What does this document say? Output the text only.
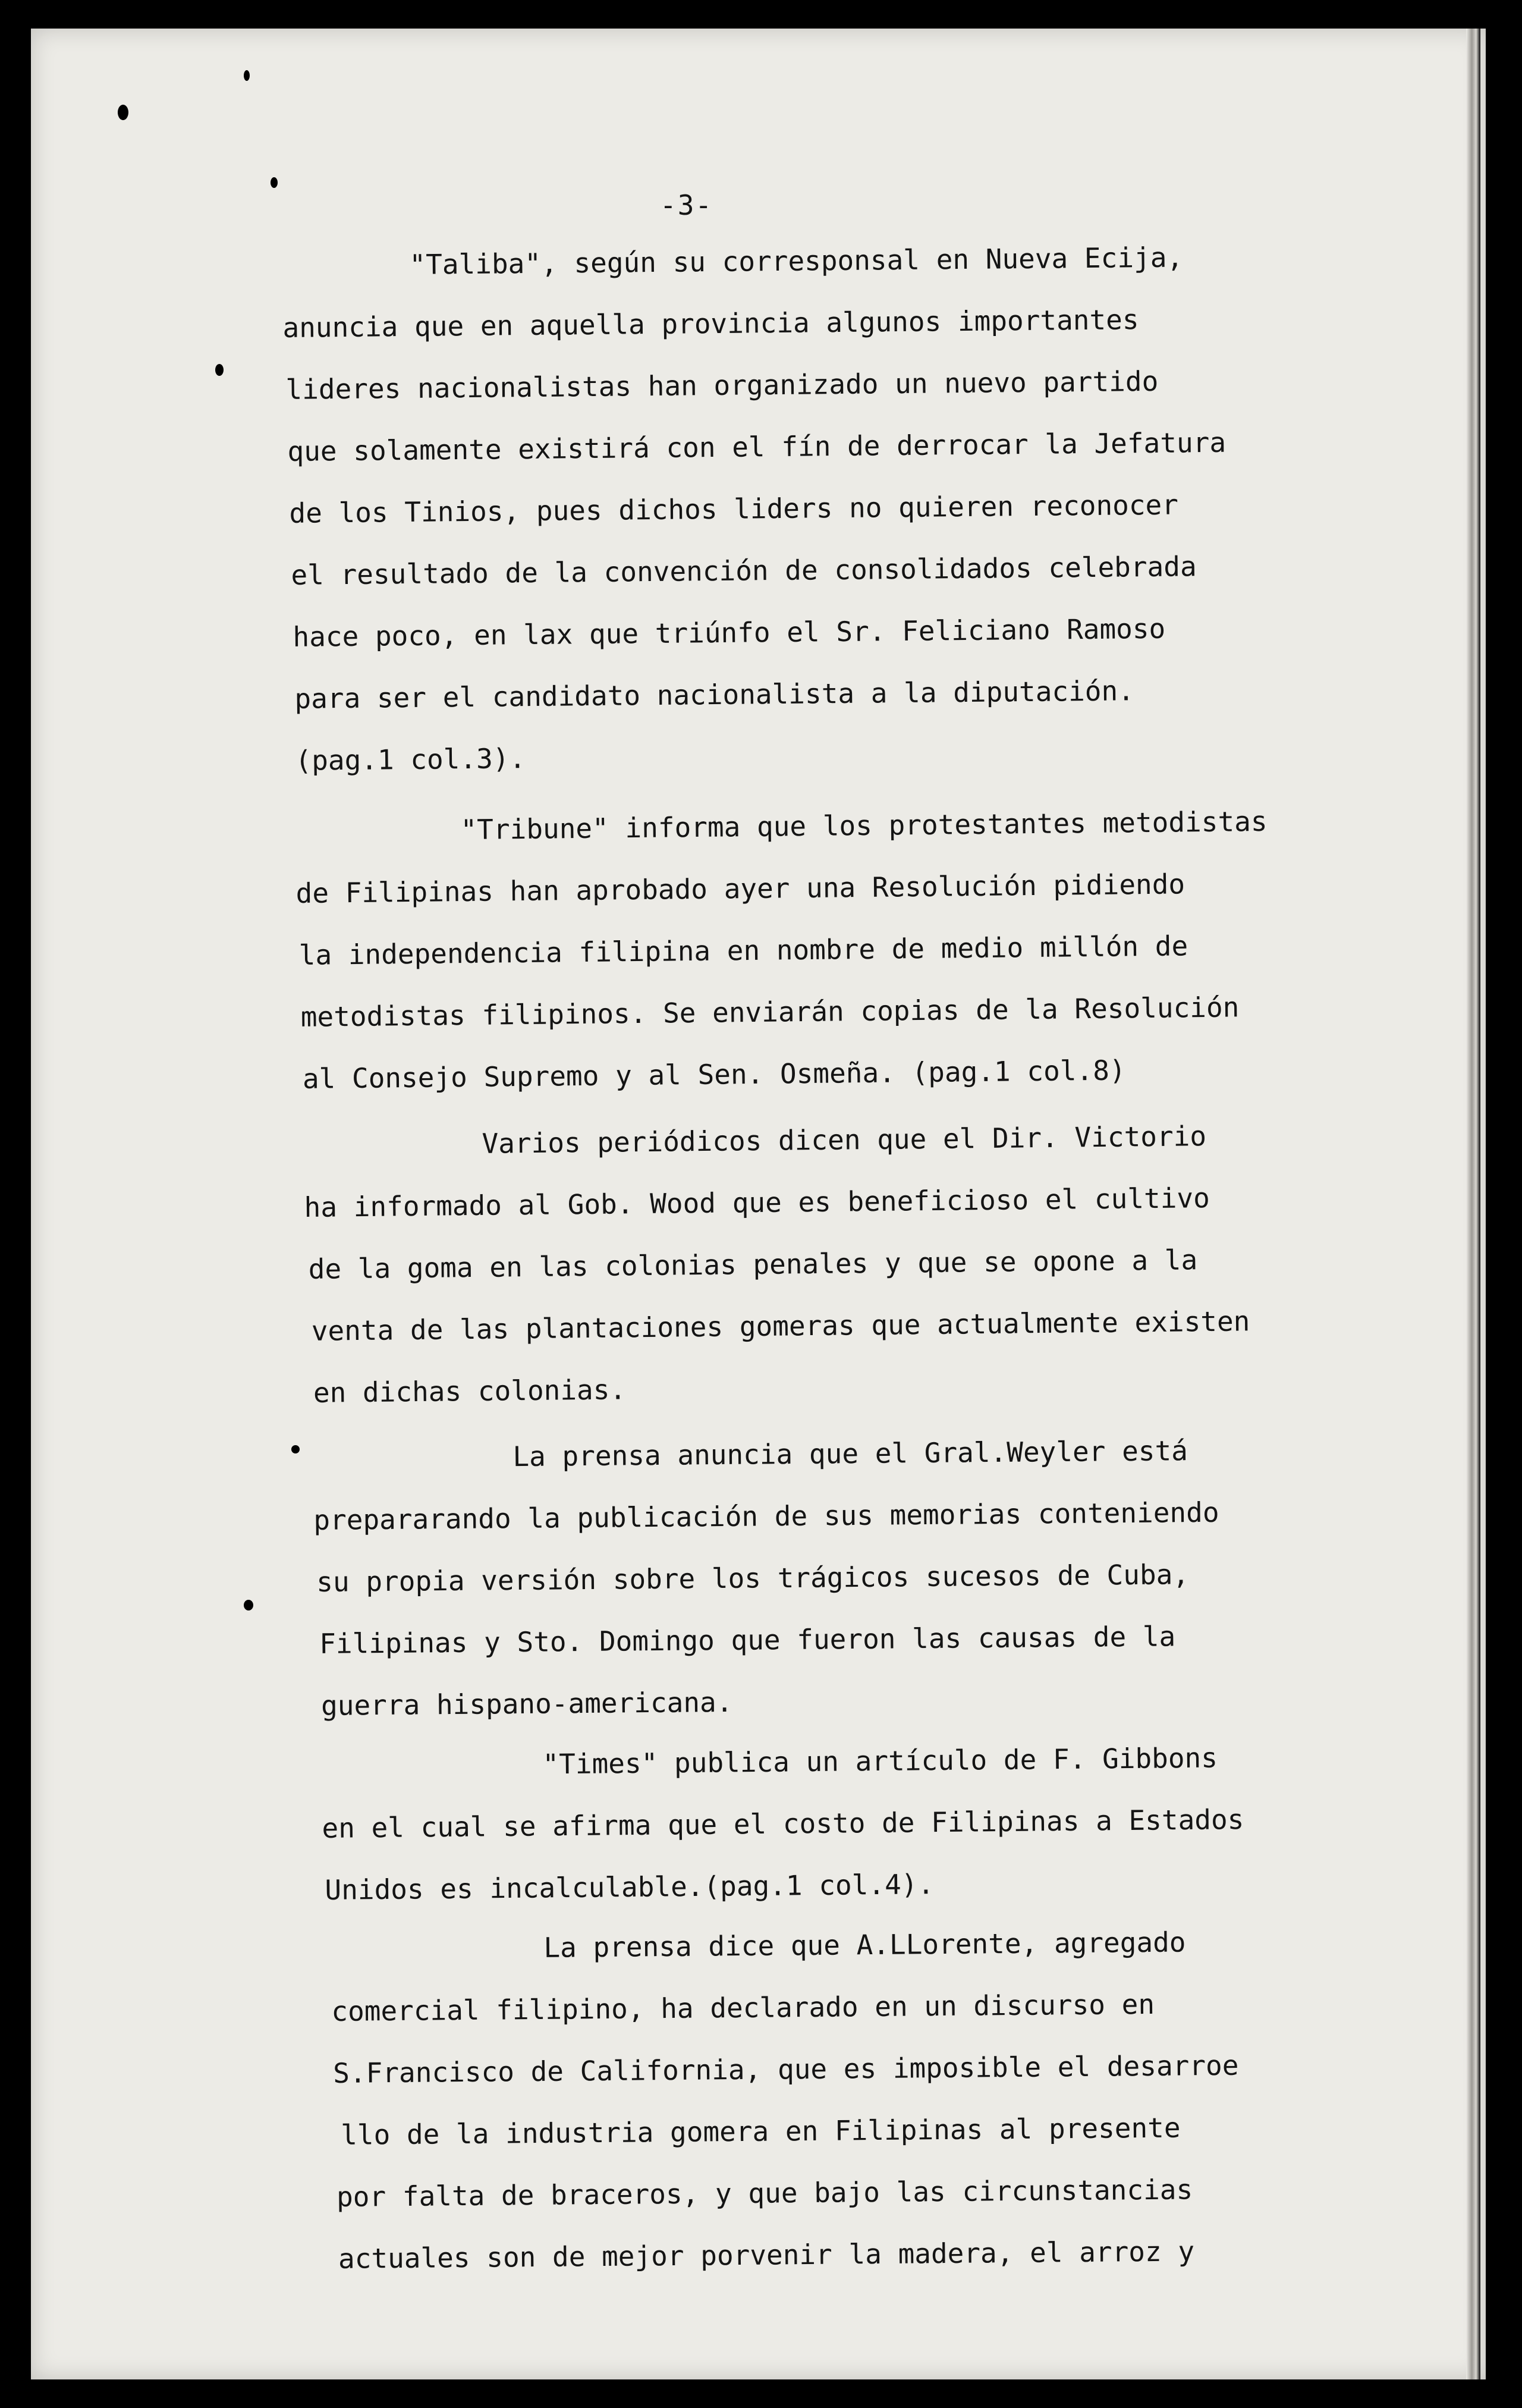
-3-

"Taliba", según su corresponsal en Nueva Ecija,
anuncia que en aquella provincia algunos importantes
lideres nacionalistas han organizado un nuevo partido
que solamente existirá con el fín de derrocar la Jefatura
de los Tinios, pues dichos liders no quieren reconocer
el resultado de la convención de consolidados celebrada
hace poco, en lax que triúnfo el Sr. Feliciano Ramoso
para ser el candidato nacionalista a la diputación.
(pag.1 col.3).

"Tribune" informa que los protestantes metodistas
de Filipinas han aprobado ayer una Resolución pidiendo
la independencia filipina en nombre de medio millón de
metodistas filipinos. Se enviarán copias de la Resolución
al Consejo Supremo y al Sen. Osmeña. (pag.1 col.8)

Varios periódicos dicen que el Dir. Victorio
ha informado al Gob. Wood que es beneficioso el cultivo
de la goma en las colonias penales y que se opone a la
venta de las plantaciones gomeras que actualmente existen
en dichas colonias.

La prensa anuncia que el Gral.Weyler está
prepararando la publicación de sus memorias conteniendo
su propia versión sobre los trágicos sucesos de Cuba,
Filipinas y Sto. Domingo que fueron las causas de la
guerra hispano-americana.

"Times" publica un artículo de F. Gibbons
en el cual se afirma que el costo de Filipinas a Estados
Unidos es incalculable.(pag.1 col.4).

La prensa dice que A.LLorente, agregado
comercial filipino, ha declarado en un discurso en
S.Francisco de California, que es imposible el desarroe
llo de la industria gomera en Filipinas al presente
por falta de braceros, y que bajo las circunstancias
actuales son de mejor porvenir la madera, el arroz y
